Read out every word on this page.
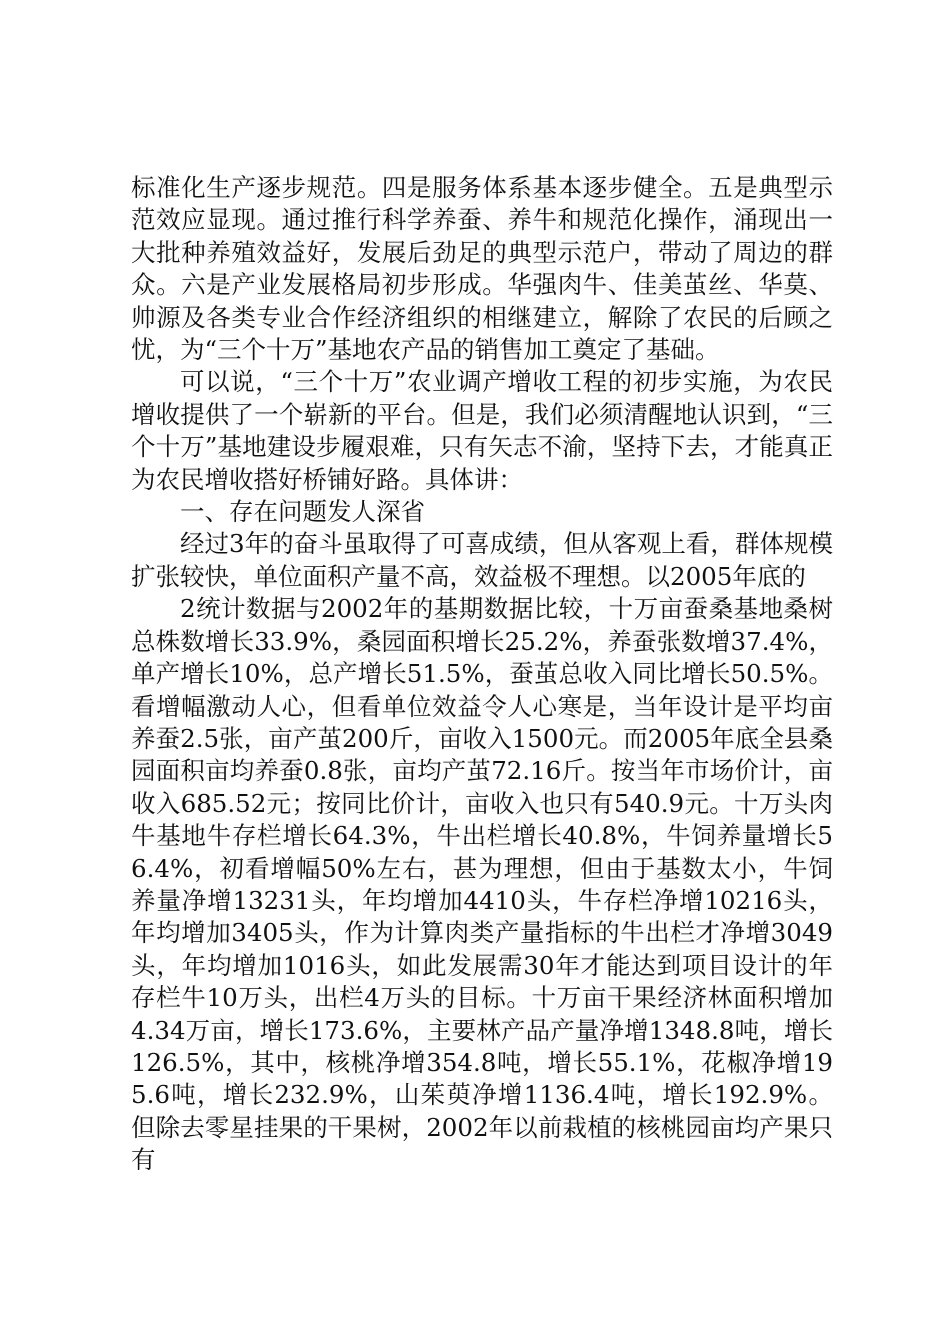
标准化生产逐步规范。四是服务体系基本逐步健全。五是典型示范效应显现。通过推行科学养蚕、养牛和规范化操作，涌现出一大批种养殖效益好，发展后劲足的典型示范户，带动了周边的群众。六是产业发展格局初步形成。华强肉牛、佳美茧丝、华莫、帅源及各类专业合作经济组织的相继建立，解除了农民的后顾之忧，为“三个十万”基地农产品的销售加工奠定了基础。

可以说，“三个十万”农业调产增收工程的初步实施，为农民增收提供了一个崭新的平台。但是，我们必须清醒地认识到，“三个十万”基地建设步履艰难，只有矢志不渝，坚持下去，才能真正为农民增收搭好桥铺好路。具体讲：

一、存在问题发人深省

经过3年的奋斗虽取得了可喜成绩，但从客观上看，群体规模扩张较快，单位面积产量不高，效益极不理想。以2005年底的

2统计数据与2002年的基期数据比较，十万亩蚕桑基地桑树总株数增长33.9%，桑园面积增长25.2%，养蚕张数增37.4%，单产增长10%，总产增长51.5%，蚕茧总收入同比增长50.5%。看增幅激动人心，但看单位效益令人心寒是，当年设计是平均亩养蚕2.5张，亩产茧200斤，亩收入1500元。而2005年底全县桑园面积亩均养蚕0.8张，亩均产茧72.16斤。按当年市场价计，亩收入685.52元；按同比价计，亩收入也只有540.9元。十万头肉牛基地牛存栏增长64.3%，牛出栏增长40.8%，牛饲养量增长56.4%，初看增幅50%左右，甚为理想，但由于基数太小，牛饲养量净增13231头，年均增加4410头，牛存栏净增10216头，年均增加3405头，作为计算肉类产量指标的牛出栏才净增3049头，年均增加1016头，如此发展需30年才能达到项目设计的年存栏牛10万头，出栏4万头的目标。十万亩干果经济林面积增加4.34万亩，增长173.6%，主要林产品产量净增1348.8吨，增长126.5%，其中，核桃净增354.8吨，增长55.1%，花椒净增195.6吨，增长232.9%，山茱萸净增1136.4吨，增长192.9%。但除去零星挂果的干果树，2002年以前栽植的核桃园亩均产果只有
